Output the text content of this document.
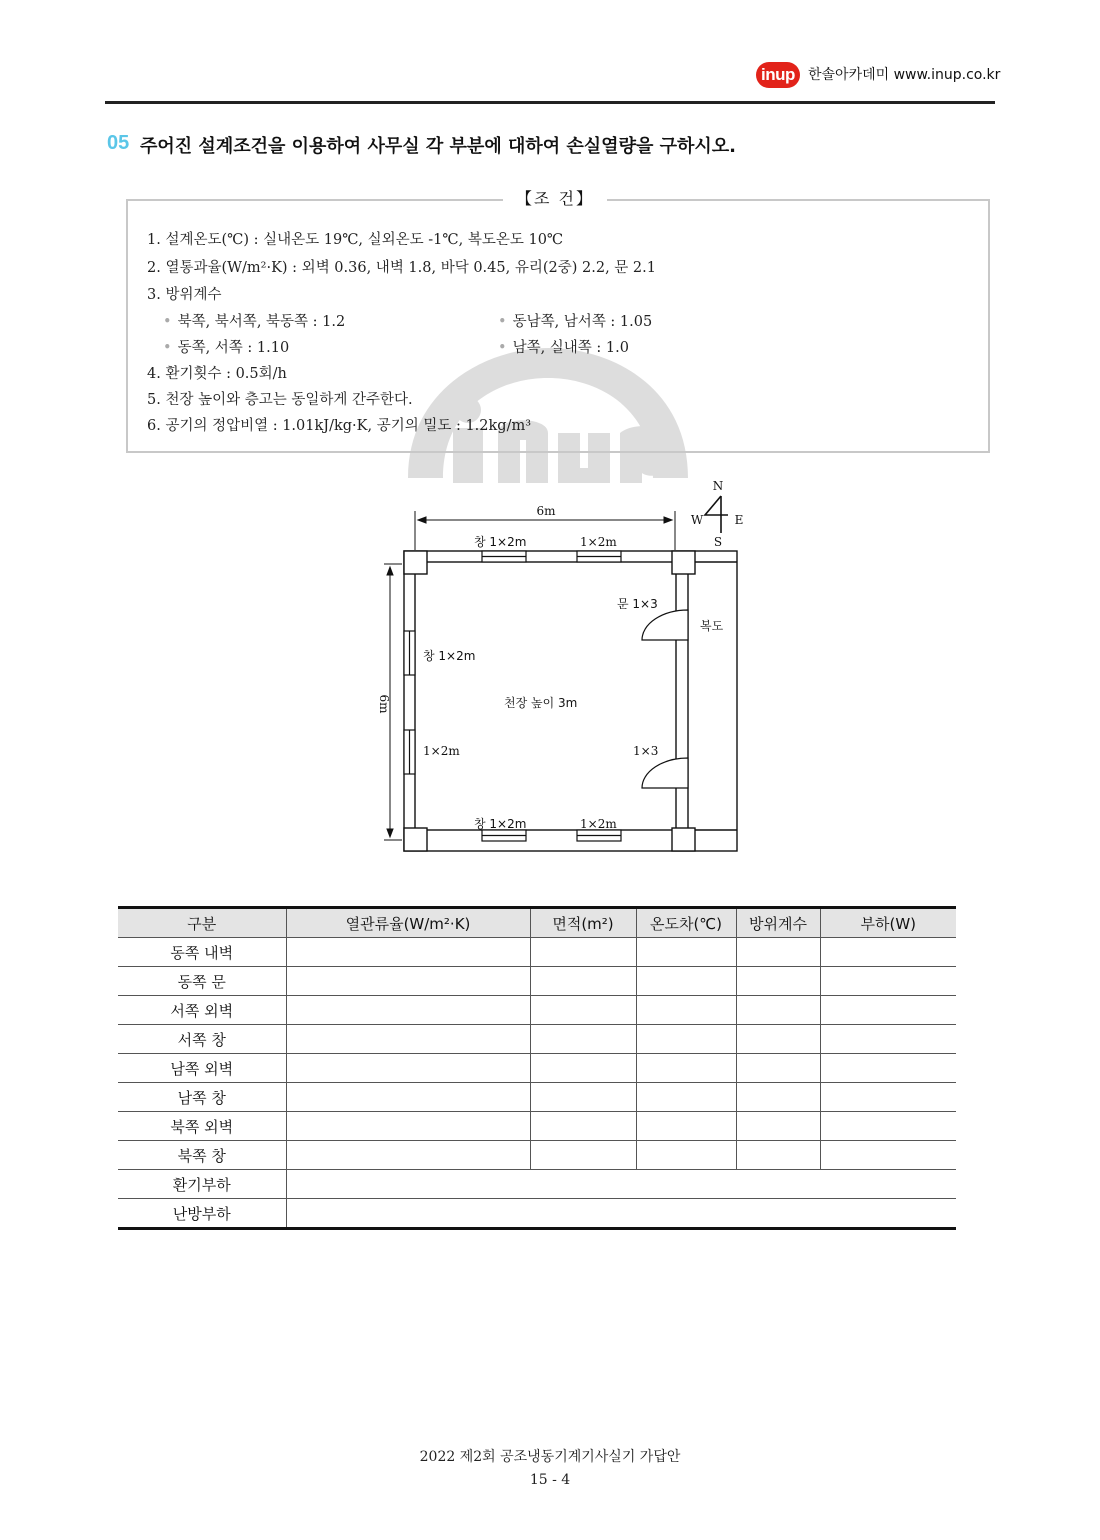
inup 한솔아카데미 www.inup.co.kr
05 주어진 설계조건을 이용하여 사무실 각 부분에 대하여 손실열량을 구하시오.
【조 건】
1. 설계온도(℃) : 실내온도 19℃, 실외온도 -1℃, 복도온도 10℃
2. 열통과율(W/m²·K) : 외벽 0.36, 내벽 1.8, 바닥 0.45, 유리(2중) 2.2, 문 2.1
3. 방위계수
• 북쪽, 북서쪽, 북동쪽 : 1.2	• 동남쪽, 남서쪽 : 1.05
• 동쪽, 서쪽 : 1.10	• 남쪽, 실내쪽 : 1.0
4. 환기횟수 : 0.5회/h
5. 천장 높이와 층고는 동일하게 간주한다.
6. 공기의 정압비열 : 1.01kJ/kg·K, 공기의 밀도 : 1.2kg/m³
N
S
W	E
6m
6m
창 1×2m	1×2m
창 1×2m	1×2m
창 1×2m
1×2m
문 1×3
1×3
복도
천장 높이 3m
구분	열관류율(W/m²·K)	면적(m²)	온도차(℃)	방위계수	부하(W)
동쪽 내벽					
동쪽 문					
서쪽 외벽					
서쪽 창					
남쪽 외벽					
남쪽 창					
북쪽 외벽					
북쪽 창					
환기부하					
난방부하					
2022 제2회 공조냉동기계기사실기 가답안
15 - 4
